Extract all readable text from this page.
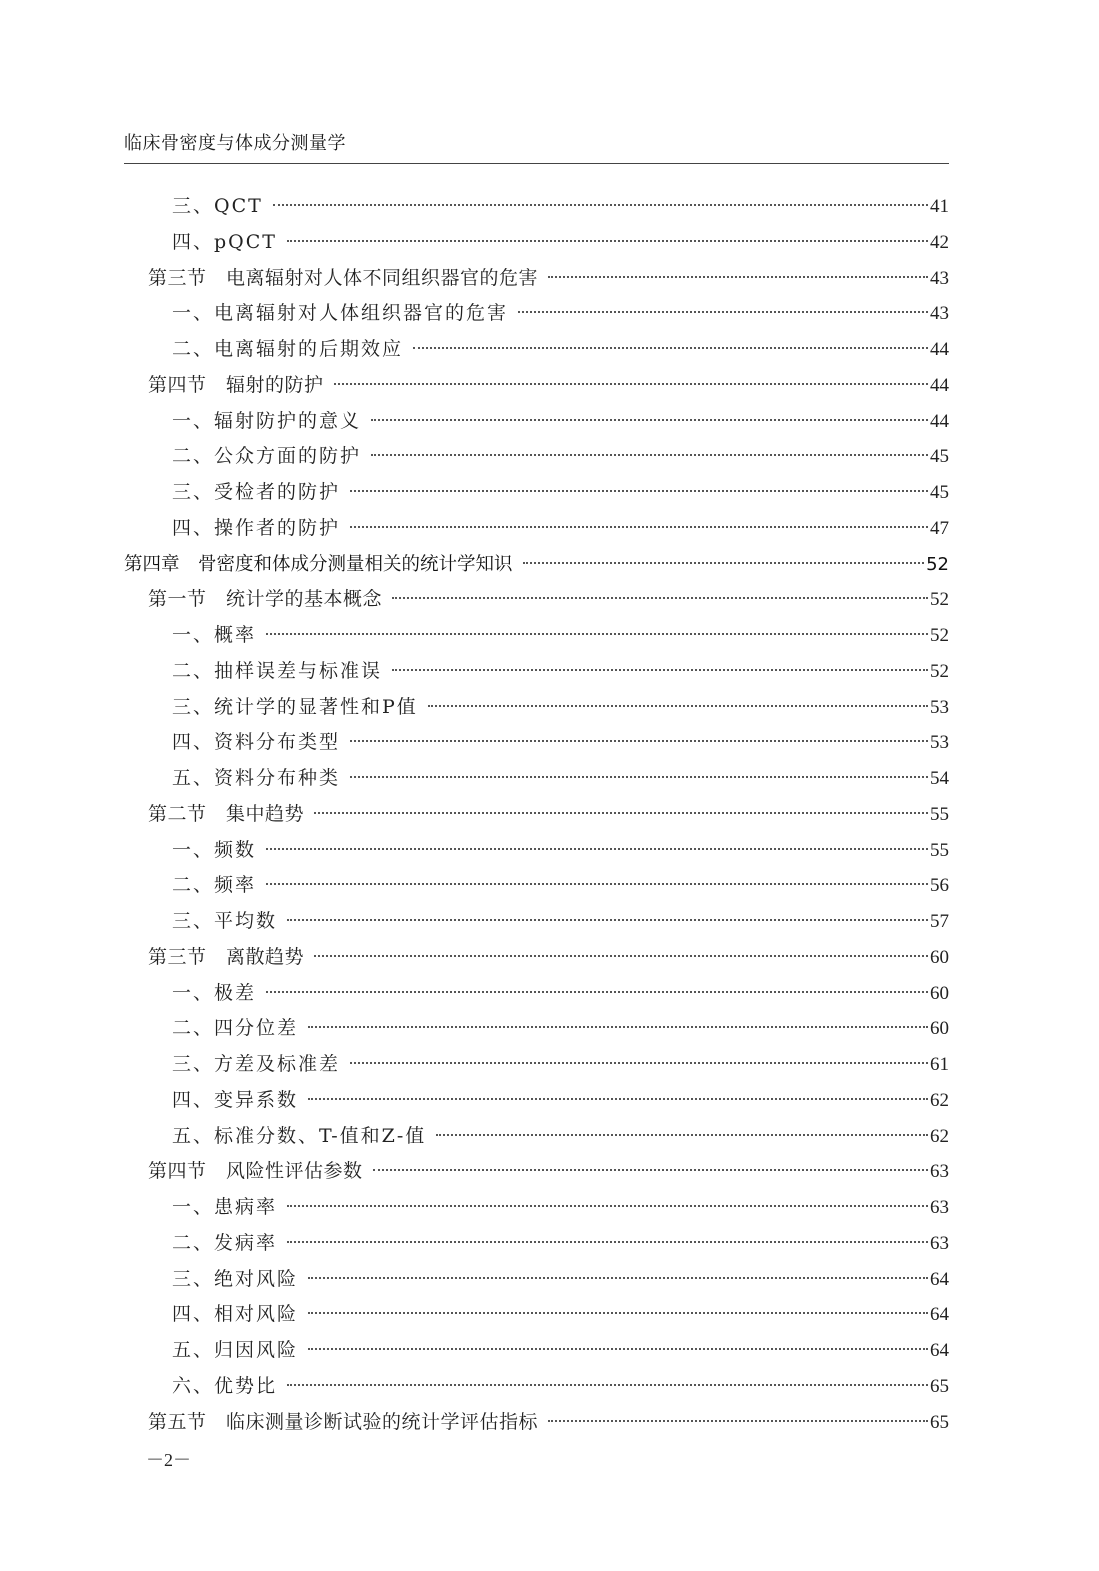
临床骨密度与体成分测量学
三、QCT	41
四、pQCT	42
第三节　电离辐射对人体不同组织器官的危害	43
一、电离辐射对人体组织器官的危害	43
二、电离辐射的后期效应	44
第四节　辐射的防护	44
一、辐射防护的意义	44
二、公众方面的防护	45
三、受检者的防护	45
四、操作者的防护	47
第四章　骨密度和体成分测量相关的统计学知识	52
第一节　统计学的基本概念	52
一、概率	52
二、抽样误差与标准误	52
三、统计学的显著性和P值	53
四、资料分布类型	53
五、资料分布种类	54
第二节　集中趋势	55
一、频数	55
二、频率	56
三、平均数	57
第三节　离散趋势	60
一、极差	60
二、四分位差	60
三、方差及标准差	61
四、变异系数	62
五、标准分数、T-值和Z-值	62
第四节　风险性评估参数	63
一、患病率	63
二、发病率	63
三、绝对风险	64
四、相对风险	64
五、归因风险	64
六、优势比	65
第五节　临床测量诊断试验的统计学评估指标	65
－2－
